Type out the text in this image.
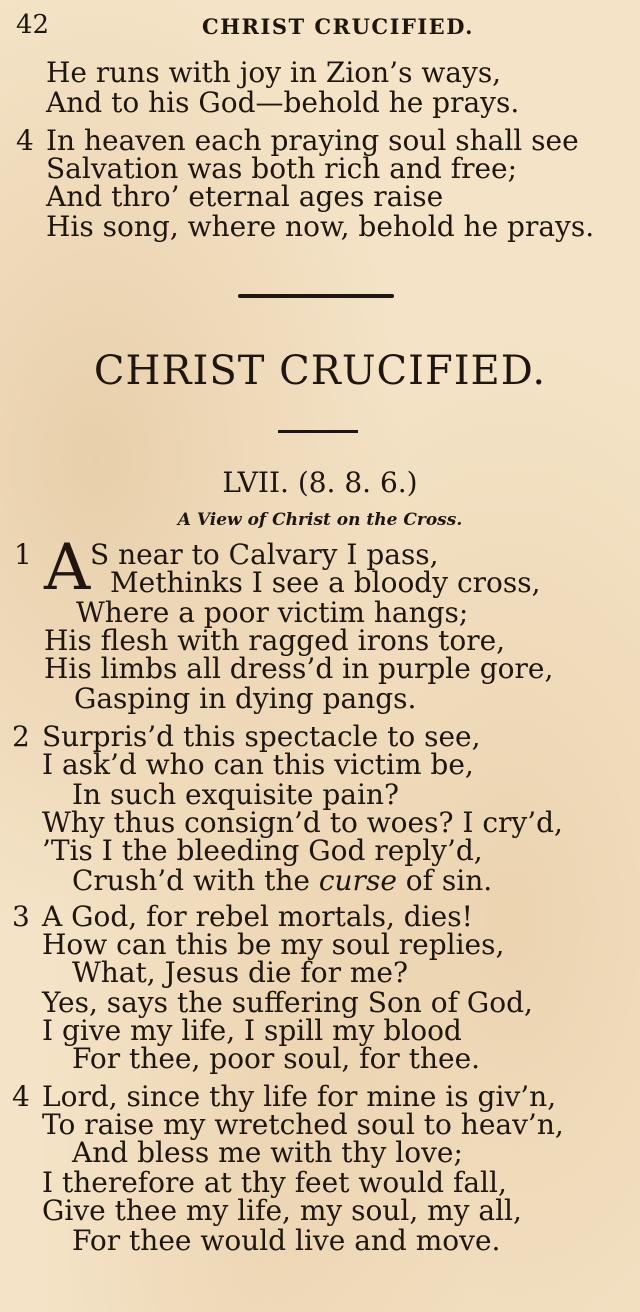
42	CHRIST CRUCIFIED.
He runs with joy in Zion’s ways,
And to his God—behold he prays.
4 In heaven each praying soul shall see
Salvation was both rich and free;
And thro’ eternal ages raise
His song, where now, behold he prays.
CHRIST CRUCIFIED.
LVII. (8. 8. 6.)
A View of Christ on the Cross.
1 A S near to Calvary I pass,
Methinks I see a bloody cross,
Where a poor victim hangs;
His flesh with ragged irons tore,
His limbs all dress’d in purple gore,
Gasping in dying pangs.
2 Surpris’d this spectacle to see,
I ask’d who can this victim be,
In such exquisite pain?
Why thus consign’d to woes? I cry’d,
’Tis I the bleeding God reply’d,
Crush’d with the curse of sin.
3 A God, for rebel mortals, dies!
How can this be my soul replies,
What, Jesus die for me?
Yes, says the suffering Son of God,
I give my life, I spill my blood
For thee, poor soul, for thee.
4 Lord, since thy life for mine is giv’n,
To raise my wretched soul to heav’n,
And bless me with thy love;
I therefore at thy feet would fall,
Give thee my life, my soul, my all,
For thee would live and move.
